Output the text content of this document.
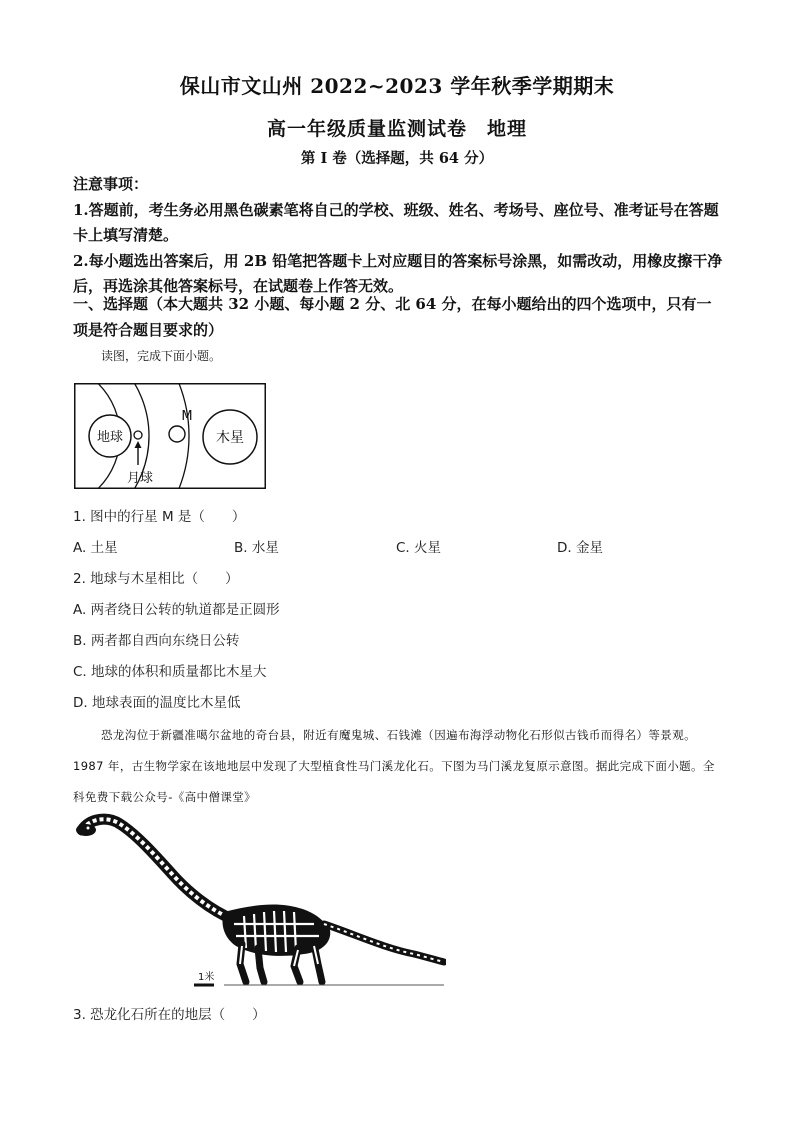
保山市文山州 2022~2023 学年秋季学期期末
高一年级质量监测试卷　地理
第 I 卷（选择题，共 64 分）

注意事项：

1.答题前，考生务必用黑色碳素笔将自己的学校、班级、姓名、考场号、座位号、准考证号在答题卡上填写清楚。

2.每小题选出答案后，用 2B 铅笔把答题卡上对应题目的答案标号涂黑，如需改动，用橡皮擦干净后，再选涂其他答案标号，在试题卷上作答无效。

一、选择题（本大题共 32 小题、每小题 2 分、北 64 分，在每小题给出的四个选项中，只有一项是符合题目要求的）
读图，完成下面小题。
地球
月球
M
木星
1. 图中的行星 M 是（　　）
A. 土星	B. 水星	C. 火星	D. 金星
2. 地球与木星相比（　　）
A. 两者绕日公转的轨道都是正圆形
B. 两者都自西向东绕日公转
C. 地球的体积和质量都比木星大
D. 地球表面的温度比木星低
恐龙沟位于新疆准噶尔盆地的奇台县，附近有魔鬼城、石钱滩（因遍布海浮动物化石形似古钱币而得名）等景观。1987 年，古生物学家在该地地层中发现了大型植食性马门溪龙化石。下图为马门溪龙复原示意图。据此完成下面小题。全科免费下载公众号-《高中僧课堂》
1米
3. 恐龙化石所在的地层（　　）
